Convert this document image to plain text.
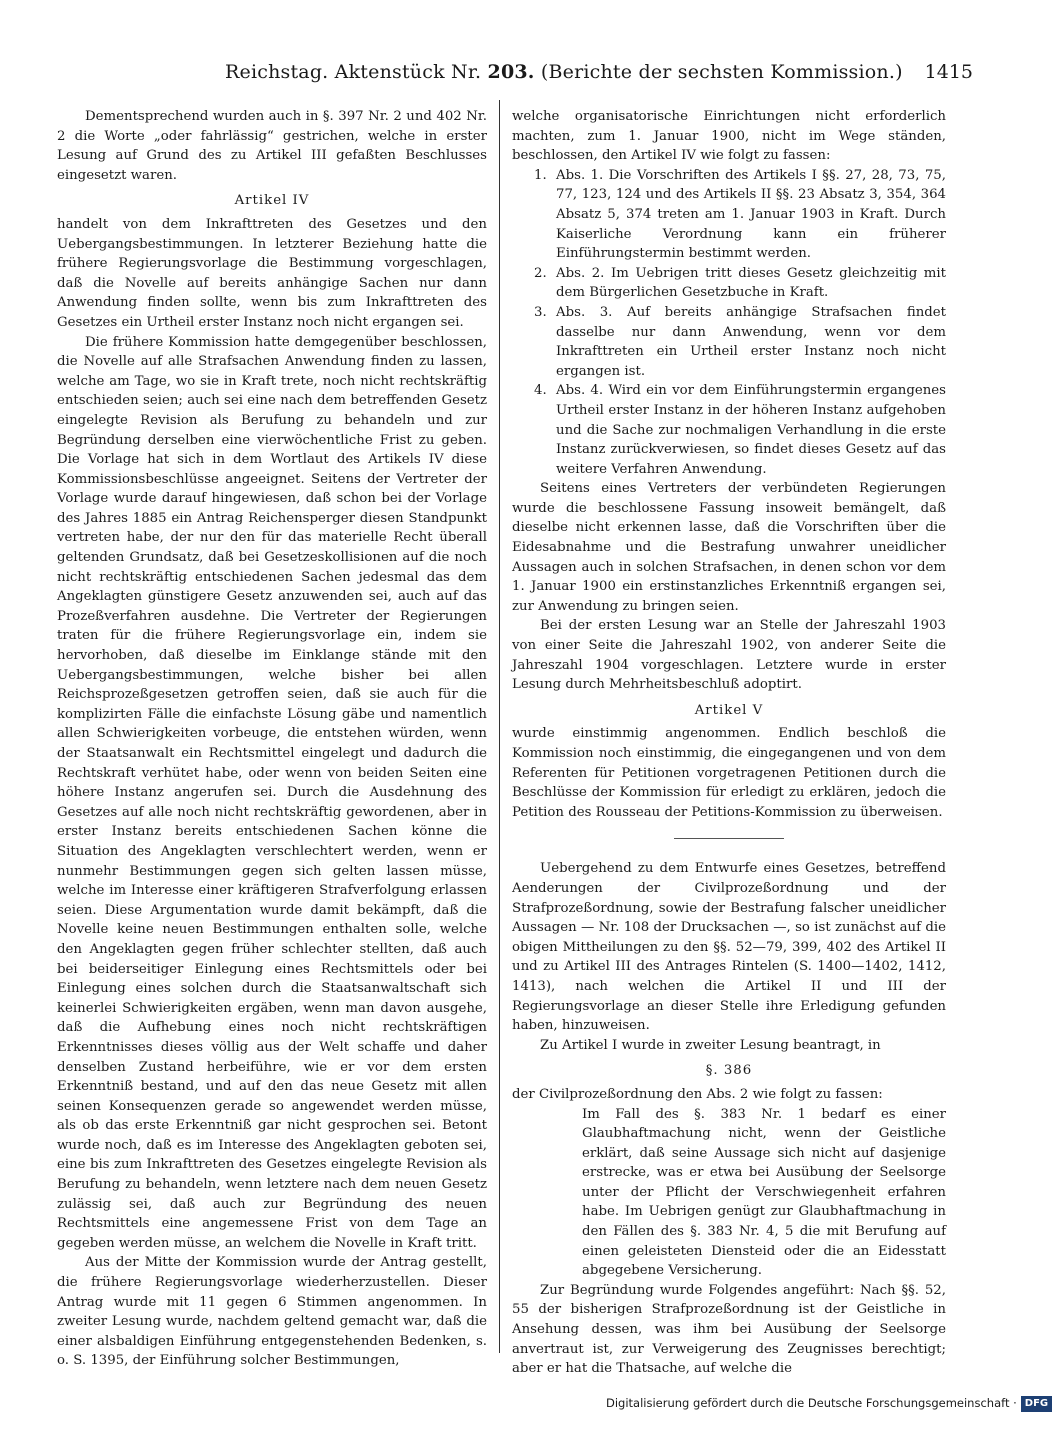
Reichstag. Aktenstück Nr. 203. (Berichte der sechsten Kommission.) 1415

Dementsprechend wurden auch in §. 397 Nr. 2 und 402 Nr. 2 die Worte „oder fahrlässig“ gestrichen, welche in erster Lesung auf Grund des zu Artikel III gefaßten Beschlusses eingesetzt waren.

Artikel IV

handelt von dem Inkrafttreten des Gesetzes und den Uebergangsbestimmungen. In letzterer Beziehung hatte die frühere Regierungsvorlage die Bestimmung vorgeschlagen, daß die Novelle auf bereits anhängige Sachen nur dann Anwendung finden sollte, wenn bis zum Inkrafttreten des Gesetzes ein Urtheil erster Instanz noch nicht ergangen sei.

Die frühere Kommission hatte demgegenüber beschlossen, die Novelle auf alle Strafsachen Anwendung finden zu lassen, welche am Tage, wo sie in Kraft trete, noch nicht rechtskräftig entschieden seien; auch sei eine nach dem betreffenden Gesetz eingelegte Revision als Berufung zu behandeln und zur Begründung derselben eine vierwöchentliche Frist zu geben. Die Vorlage hat sich in dem Wortlaut des Artikels IV diese Kommissionsbeschlüsse angeeignet. Seitens der Vertreter der Vorlage wurde darauf hingewiesen, daß schon bei der Vorlage des Jahres 1885 ein Antrag Reichensperger diesen Standpunkt vertreten habe, der nur den für das materielle Recht überall geltenden Grundsatz, daß bei Gesetzeskollisionen auf die noch nicht rechtskräftig entschiedenen Sachen jedesmal das dem Angeklagten günstigere Gesetz anzuwenden sei, auch auf das Prozeßverfahren ausdehne. Die Vertreter der Regierungen traten für die frühere Regierungsvorlage ein, indem sie hervorhoben, daß dieselbe im Einklange stände mit den Uebergangsbestimmungen, welche bisher bei allen Reichsprozeßgesetzen getroffen seien, daß sie auch für die komplizirten Fälle die einfachste Lösung gäbe und namentlich allen Schwierigkeiten vorbeuge, die entstehen würden, wenn der Staatsanwalt ein Rechtsmittel eingelegt und dadurch die Rechtskraft verhütet habe, oder wenn von beiden Seiten eine höhere Instanz angerufen sei. Durch die Ausdehnung des Gesetzes auf alle noch nicht rechtskräftig gewordenen, aber in erster Instanz bereits entschiedenen Sachen könne die Situation des Angeklagten verschlechtert werden, wenn er nunmehr Bestimmungen gegen sich gelten lassen müsse, welche im Interesse einer kräftigeren Strafverfolgung erlassen seien. Diese Argumentation wurde damit bekämpft, daß die Novelle keine neuen Bestimmungen enthalten solle, welche den Angeklagten gegen früher schlechter stellten, daß auch bei beiderseitiger Einlegung eines Rechtsmittels oder bei Einlegung eines solchen durch die Staatsanwaltschaft sich keinerlei Schwierigkeiten ergäben, wenn man davon ausgehe, daß die Aufhebung eines noch nicht rechtskräftigen Erkenntnisses dieses völlig aus der Welt schaffe und daher denselben Zustand herbeiführe, wie er vor dem ersten Erkenntniß bestand, und auf den das neue Gesetz mit allen seinen Konsequenzen gerade so angewendet werden müsse, als ob das erste Erkenntniß gar nicht gesprochen sei. Betont wurde noch, daß es im Interesse des Angeklagten geboten sei, eine bis zum Inkrafttreten des Gesetzes eingelegte Revision als Berufung zu behandeln, wenn letztere nach dem neuen Gesetz zulässig sei, daß auch zur Begründung des neuen Rechtsmittels eine angemessene Frist von dem Tage an gegeben werden müsse, an welchem die Novelle in Kraft tritt.

Aus der Mitte der Kommission wurde der Antrag gestellt, die frühere Regierungsvorlage wiederherzustellen. Dieser Antrag wurde mit 11 gegen 6 Stimmen angenommen. In zweiter Lesung wurde, nachdem geltend gemacht war, daß die einer alsbaldigen Einführung entgegenstehenden Bedenken, s. o. S. 1395, der Einführung solcher Bestimmungen,

welche organisatorische Einrichtungen nicht erforderlich machten, zum 1. Januar 1900, nicht im Wege ständen, beschlossen, den Artikel IV wie folgt zu fassen:

1. Abs. 1. Die Vorschriften des Artikels I §§. 27, 28, 73, 75, 77, 123, 124 und des Artikels II §§. 23 Absatz 3, 354, 364 Absatz 5, 374 treten am 1. Januar 1903 in Kraft. Durch Kaiserliche Verordnung kann ein früherer Einführungstermin bestimmt werden.
2. Abs. 2. Im Uebrigen tritt dieses Gesetz gleichzeitig mit dem Bürgerlichen Gesetzbuche in Kraft.
3. Abs. 3. Auf bereits anhängige Strafsachen findet dasselbe nur dann Anwendung, wenn vor dem Inkrafttreten ein Urtheil erster Instanz noch nicht ergangen ist.
4. Abs. 4. Wird ein vor dem Einführungstermin ergangenes Urtheil erster Instanz in der höheren Instanz aufgehoben und die Sache zur nochmaligen Verhandlung in die erste Instanz zurückverwiesen, so findet dieses Gesetz auf das weitere Verfahren Anwendung.

Seitens eines Vertreters der verbündeten Regierungen wurde die beschlossene Fassung insoweit bemängelt, daß dieselbe nicht erkennen lasse, daß die Vorschriften über die Eidesabnahme und die Bestrafung unwahrer uneidlicher Aussagen auch in solchen Strafsachen, in denen schon vor dem 1. Januar 1900 ein erstinstanzliches Erkenntniß ergangen sei, zur Anwendung zu bringen seien.

Bei der ersten Lesung war an Stelle der Jahreszahl 1903 von einer Seite die Jahreszahl 1902, von anderer Seite die Jahreszahl 1904 vorgeschlagen. Letztere wurde in erster Lesung durch Mehrheitsbeschluß adoptirt.

Artikel V

wurde einstimmig angenommen. Endlich beschloß die Kommission noch einstimmig, die eingegangenen und von dem Referenten für Petitionen vorgetragenen Petitionen durch die Beschlüsse der Kommission für erledigt zu erklären, jedoch die Petition des Rousseau der Petitions-Kommission zu überweisen.

Uebergehend zu dem Entwurfe eines Gesetzes, betreffend Aenderungen der Civilprozeßordnung und der Strafprozeßordnung, sowie der Bestrafung falscher uneidlicher Aussagen — Nr. 108 der Drucksachen —, so ist zunächst auf die obigen Mittheilungen zu den §§. 52—79, 399, 402 des Artikel II und zu Artikel III des Antrages Rintelen (S. 1400—1402, 1412, 1413), nach welchen die Artikel II und III der Regierungsvorlage an dieser Stelle ihre Erledigung gefunden haben, hinzuweisen.

Zu Artikel I wurde in zweiter Lesung beantragt, in

§. 386

der Civilprozeßordnung den Abs. 2 wie folgt zu fassen:

Im Fall des §. 383 Nr. 1 bedarf es einer Glaubhaftmachung nicht, wenn der Geistliche erklärt, daß seine Aussage sich nicht auf dasjenige erstrecke, was er etwa bei Ausübung der Seelsorge unter der Pflicht der Verschwiegenheit erfahren habe. Im Uebrigen genügt zur Glaubhaftmachung in den Fällen des §. 383 Nr. 4, 5 die mit Berufung auf einen geleisteten Diensteid oder die an Eidesstatt abgegebene Versicherung.

Zur Begründung wurde Folgendes angeführt: Nach §§. 52, 55 der bisherigen Strafprozeßordnung ist der Geistliche in Ansehung dessen, was ihm bei Ausübung der Seelsorge anvertraut ist, zur Verweigerung des Zeugnisses berechtigt; aber er hat die Thatsache, auf welche die

Digitalisierung gefördert durch die Deutsche Forschungsgemeinschaft · DFG
